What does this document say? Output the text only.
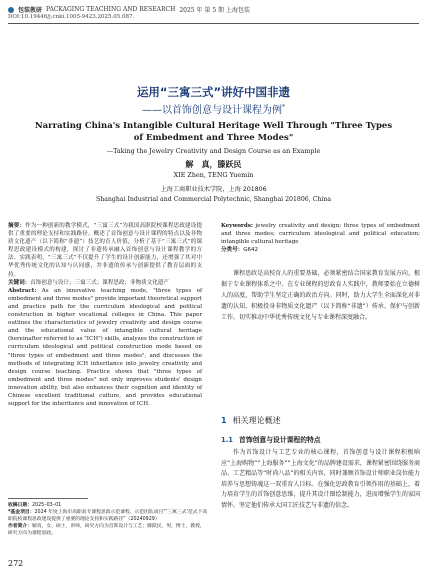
包装教研 PACKAGING TEACHING AND RESEARCH 2025 年 第 5 期 上海包装
DOI:10.19446/j.cnki.1005-9423.2025.05.087.
运用“三寓三式”讲好中国非遗
——以首饰创意与设计课程为例*
Narrating China's Intangible Cultural Heritage Well Through "Three Types of Embedment and Three Modes"
—Taking the Jewelry Creativity and Design Course as an Example
解　真，滕跃民
XIE Zhen, TENG Yuemin
上海工商职业技术学院，上海 201806
Shanghai Industrial and Commercial Polytechnic, Shanghai 201806, China

摘要：作为一种创新的教学模式，“三寓三式”为我国高职院校课程思政建设提供了重要的理论支持和实践路径。概述了首饰创意与设计课程的特点以及非物质文化遗产（以下简称“非遗”）技艺的育人价值，分析了基于“三寓三式”的课程思政建设模式的构建，探讨了非遗传承融入首饰创意与设计课程教学的方法。实践表明，“三寓三式”不仅提升了学生的设计创新能力，还增强了其对中华优秀传统文化的认知与认同感，弁非遗的传承与创新提供了教育层面的支持。

关键词：首饰创意与设计；三寓三式；课程思政；非物质文化遗产

Abstract: As an innovative teaching mode, "three types of embedment and three modes" provide important theoretical support and practice path for the curriculum ideological and political construction in higher vocational colleges in China. This paper outlines the characteristics of jewelry creativity and design course and the educational value of intangible cultural heritage (hereinafter referred to as "ICH") skills, analyzes the construction of curriculum ideological and political construction mode based on "three types of embedment and three modes", and discusses the methods of integrating ICH inheritance into jewelry creativity and design course teaching. Practice shows that "three types of embedment and three modes" not only improves students' design innovation ability, but also enhances their cognition and identity of Chinese excellent traditional culture, and provides educational support for the inheritance and innovation of ICH.

Keywords: jewelry creativity and design; three types of embedment and three modes; curriculum ideological and political education; intangible cultural heritage

分类号：G642

课程思政是高校育人的重要基础，必须紧密结合国家教育发展方向，根据于专业课程体系之中。在专业课程的思政育人实践中，教师要始在立德树人的高度，帮助学生坚定正确的政治方向。同时，助力大学生全面深化对非遗的认知，积极投身非物质文化遗产（以下简称“非遗”）传承、保护与创新工作，切实推动中华优秀传统文化与专业课程深度融合。

1 相关理论概述
1.1 首饰创意与设计课程的特点

作为首饰设计与工艺专业的核心课程，首饰创意与设计课程积极响应“上海购物”“上海服务”“上海文化”的品牌建设需求，课程紧密围绕服务商品、工艺精品等“时尚八品”的相关内容，同时兼顾首饰设计师职业岗位能力培养与思想铸魂这一双重育人目标。在强化思政教育引领作用的基础上，着力培育学生的首饰创意思维，提升其设计图绘制能力，进而增强学生的家国情怀，坚定他们传承大国工匠技艺与非遗的信念。

收稿日期：2025–03–01

*基金项目：2024 年度上海市高职高专课程思政示范课程、示范团队项目“‘三寓三式’范式下高职院校课程思政建设提供了重要的理论支持和实践路径”（20240929）

作者简介：解真，女，硕士，讲师，研究方向为首饰设计与工艺；滕跃民，男，博士，教授，研究方向为课程思政。

272
